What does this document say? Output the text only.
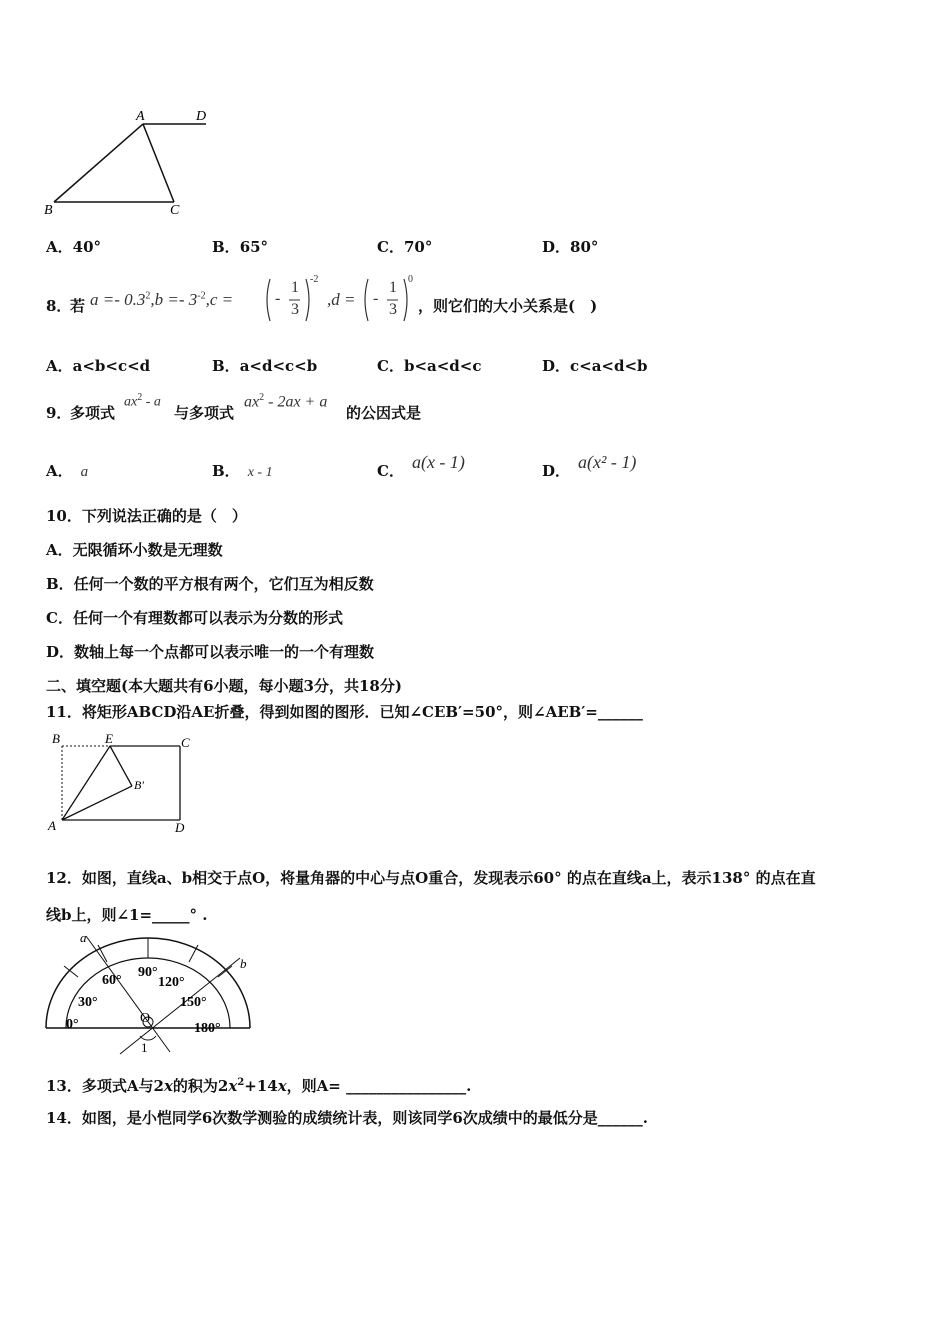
A	D
B	C
A．40°	B．65°	C．70°	D．80°
8．
若 $a =- 0.3^2,b =- 3^{-2},c$ =	-
1
3
-2
,d = -
1
3
0
，则它们的大小关系是(　)
A．a<b<c<d	B．a<d<c<b	C．b<a<d<c	D．c<a<d<b
9．
多项式
$ax^2$ - a
与多项式
$ax^2 - 2ax + a$
的公因式是
A． a	B． x - 1	C． a(x - 1)	D． a(x² - 1)
10．下列说法正确的是（　）
A．无限循环小数是无理数
B．任何一个数的平方根有两个，它们互为相反数
C．任何一个有理数都可以表示为分数的形式
D．数轴上每一个点都可以表示唯一的一个有理数
二、填空题(本大题共有6小题，每小题3分，共18分)
11．将矩形ABCD沿AE折叠，得到如图的图形．已知∠CEB′=50°，则∠AEB′=______
B	E	C
B′
A	D
12．如图，直线a、b相交于点O，将量角器的中心与点O重合，发现表示60° 的点在直线a上，表示138° 的点在直
线b上，则∠1=_____° .
a
b
60°
90°
120°
30°	150°
0°	O
180°
1
13．多项式A与2x的积为$2x^2+14x$，则A= ________________.
14．如图，是小恺同学6次数学测验的成绩统计表，则该同学6次成绩中的最低分是______.
